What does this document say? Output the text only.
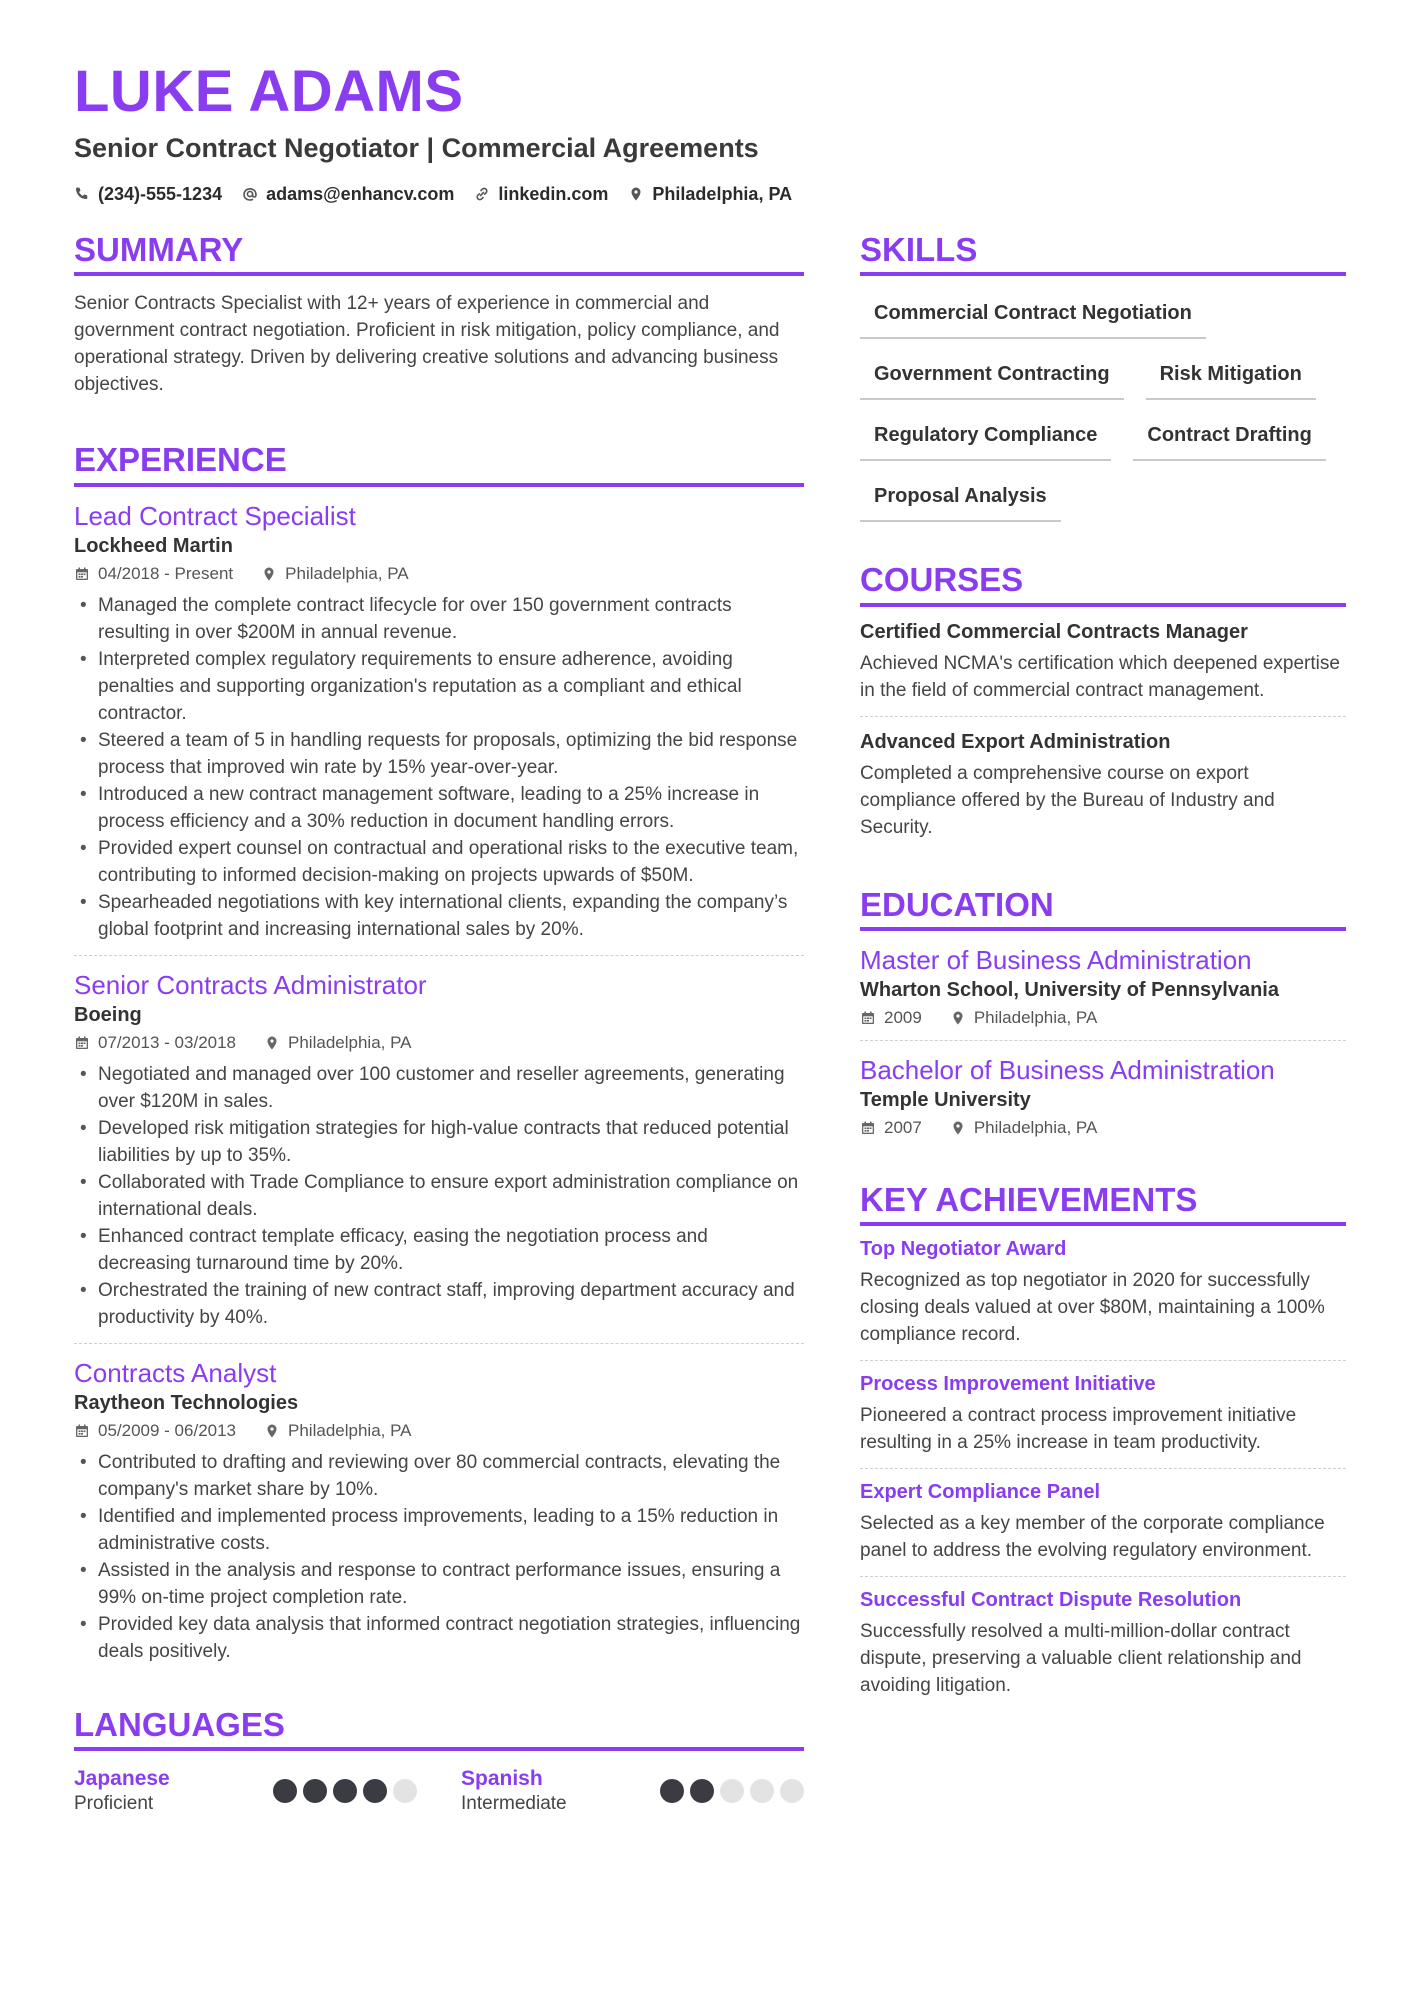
LUKE ADAMS
Senior Contract Negotiator | Commercial Agreements
(234)-555-1234 adams@enhancv.com linkedin.com Philadelphia, PA
SUMMARY
Senior Contracts Specialist with 12+ years of experience in commercial and government contract negotiation. Proficient in risk mitigation, policy compliance, and operational strategy. Driven by delivering creative solutions and advancing business objectives.
EXPERIENCE
Lead Contract Specialist
Lockheed Martin
04/2018 - Present	Philadelphia, PA
• Managed the complete contract lifecycle for over 150 government contracts resulting in over $200M in annual revenue.
• Interpreted complex regulatory requirements to ensure adherence, avoiding penalties and supporting organization's reputation as a compliant and ethical contractor.
• Steered a team of 5 in handling requests for proposals, optimizing the bid response process that improved win rate by 15% year-over-year.
• Introduced a new contract management software, leading to a 25% increase in process efficiency and a 30% reduction in document handling errors.
• Provided expert counsel on contractual and operational risks to the executive team, contributing to informed decision-making on projects upwards of $50M.
• Spearheaded negotiations with key international clients, expanding the company’s global footprint and increasing international sales by 20%.
Senior Contracts Administrator
Boeing
07/2013 - 03/2018	Philadelphia, PA
• Negotiated and managed over 100 customer and reseller agreements, generating over $120M in sales.
• Developed risk mitigation strategies for high-value contracts that reduced potential liabilities by up to 35%.
• Collaborated with Trade Compliance to ensure export administration compliance on international deals.
• Enhanced contract template efficacy, easing the negotiation process and decreasing turnaround time by 20%.
• Orchestrated the training of new contract staff, improving department accuracy and productivity by 40%.
Contracts Analyst
Raytheon Technologies
05/2009 - 06/2013	Philadelphia, PA
• Contributed to drafting and reviewing over 80 commercial contracts, elevating the company's market share by 10%.
• Identified and implemented process improvements, leading to a 15% reduction in administrative costs.
• Assisted in the analysis and response to contract performance issues, ensuring a 99% on-time project completion rate.
• Provided key data analysis that informed contract negotiation strategies, influencing deals positively.
LANGUAGES
Japanese
Proficient
Spanish
Intermediate
SKILLS
Commercial Contract Negotiation
Government Contracting	Risk Mitigation
Regulatory Compliance	Contract Drafting
Proposal Analysis
COURSES
Certified Commercial Contracts Manager
Achieved NCMA's certification which deepened expertise in the field of commercial contract management.
Advanced Export Administration
Completed a comprehensive course on export compliance offered by the Bureau of Industry and Security.
EDUCATION
Master of Business Administration
Wharton School, University of Pennsylvania
2009	Philadelphia, PA
Bachelor of Business Administration
Temple University
2007	Philadelphia, PA
KEY ACHIEVEMENTS
Top Negotiator Award
Recognized as top negotiator in 2020 for successfully closing deals valued at over $80M, maintaining a 100% compliance record.
Process Improvement Initiative
Pioneered a contract process improvement initiative resulting in a 25% increase in team productivity.
Expert Compliance Panel
Selected as a key member of the corporate compliance panel to address the evolving regulatory environment.
Successful Contract Dispute Resolution
Successfully resolved a multi-million-dollar contract dispute, preserving a valuable client relationship and avoiding litigation.
